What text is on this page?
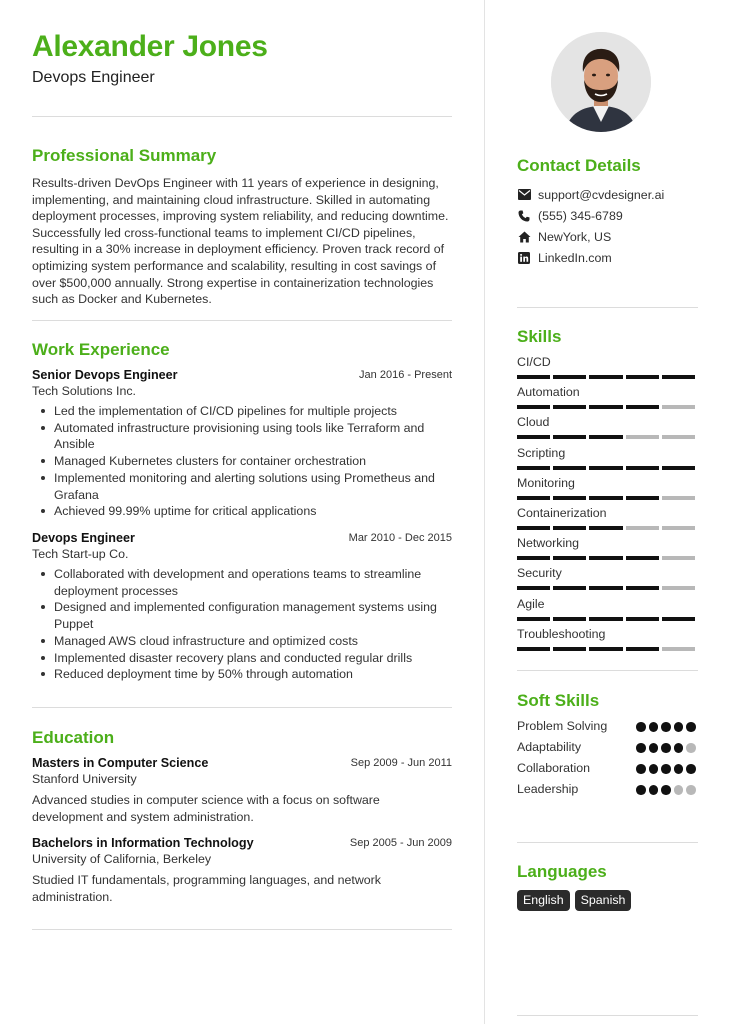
Alexander Jones
Devops Engineer
Professional Summary
Results-driven DevOps Engineer with 11 years of experience in designing, implementing, and maintaining cloud infrastructure. Skilled in automating deployment processes, improving system reliability, and reducing downtime. Successfully led cross-functional teams to implement CI/CD pipelines, resulting in a 30% increase in deployment efficiency. Proven track record of optimizing system performance and scalability, resulting in cost savings of over $500,000 annually. Strong expertise in containerization technologies such as Docker and Kubernetes.
Work Experience
Senior Devops Engineer	Jan 2016 - Present
Tech Solutions Inc.
Led the implementation of CI/CD pipelines for multiple projects
Automated infrastructure provisioning using tools like Terraform and Ansible
Managed Kubernetes clusters for container orchestration
Implemented monitoring and alerting solutions using Prometheus and Grafana
Achieved 99.99% uptime for critical applications
Devops Engineer	Mar 2010 - Dec 2015
Tech Start-up Co.
Collaborated with development and operations teams to streamline deployment processes
Designed and implemented configuration management systems using Puppet
Managed AWS cloud infrastructure and optimized costs
Implemented disaster recovery plans and conducted regular drills
Reduced deployment time by 50% through automation
Education
Masters in Computer Science	Sep 2009 - Jun 2011
Stanford University
Advanced studies in computer science with a focus on software development and system administration.
Bachelors in Information Technology	Sep 2005 - Jun 2009
University of California, Berkeley
Studied IT fundamentals, programming languages, and network administration.
Contact Details
support@cvdesigner.ai
(555) 345-6789
NewYork, US
LinkedIn.com
Skills
CI/CD
Automation
Cloud
Scripting
Monitoring
Containerization
Networking
Security
Agile
Troubleshooting
Soft Skills
Problem Solving
Adaptability
Collaboration
Leadership
Languages
English	Spanish
